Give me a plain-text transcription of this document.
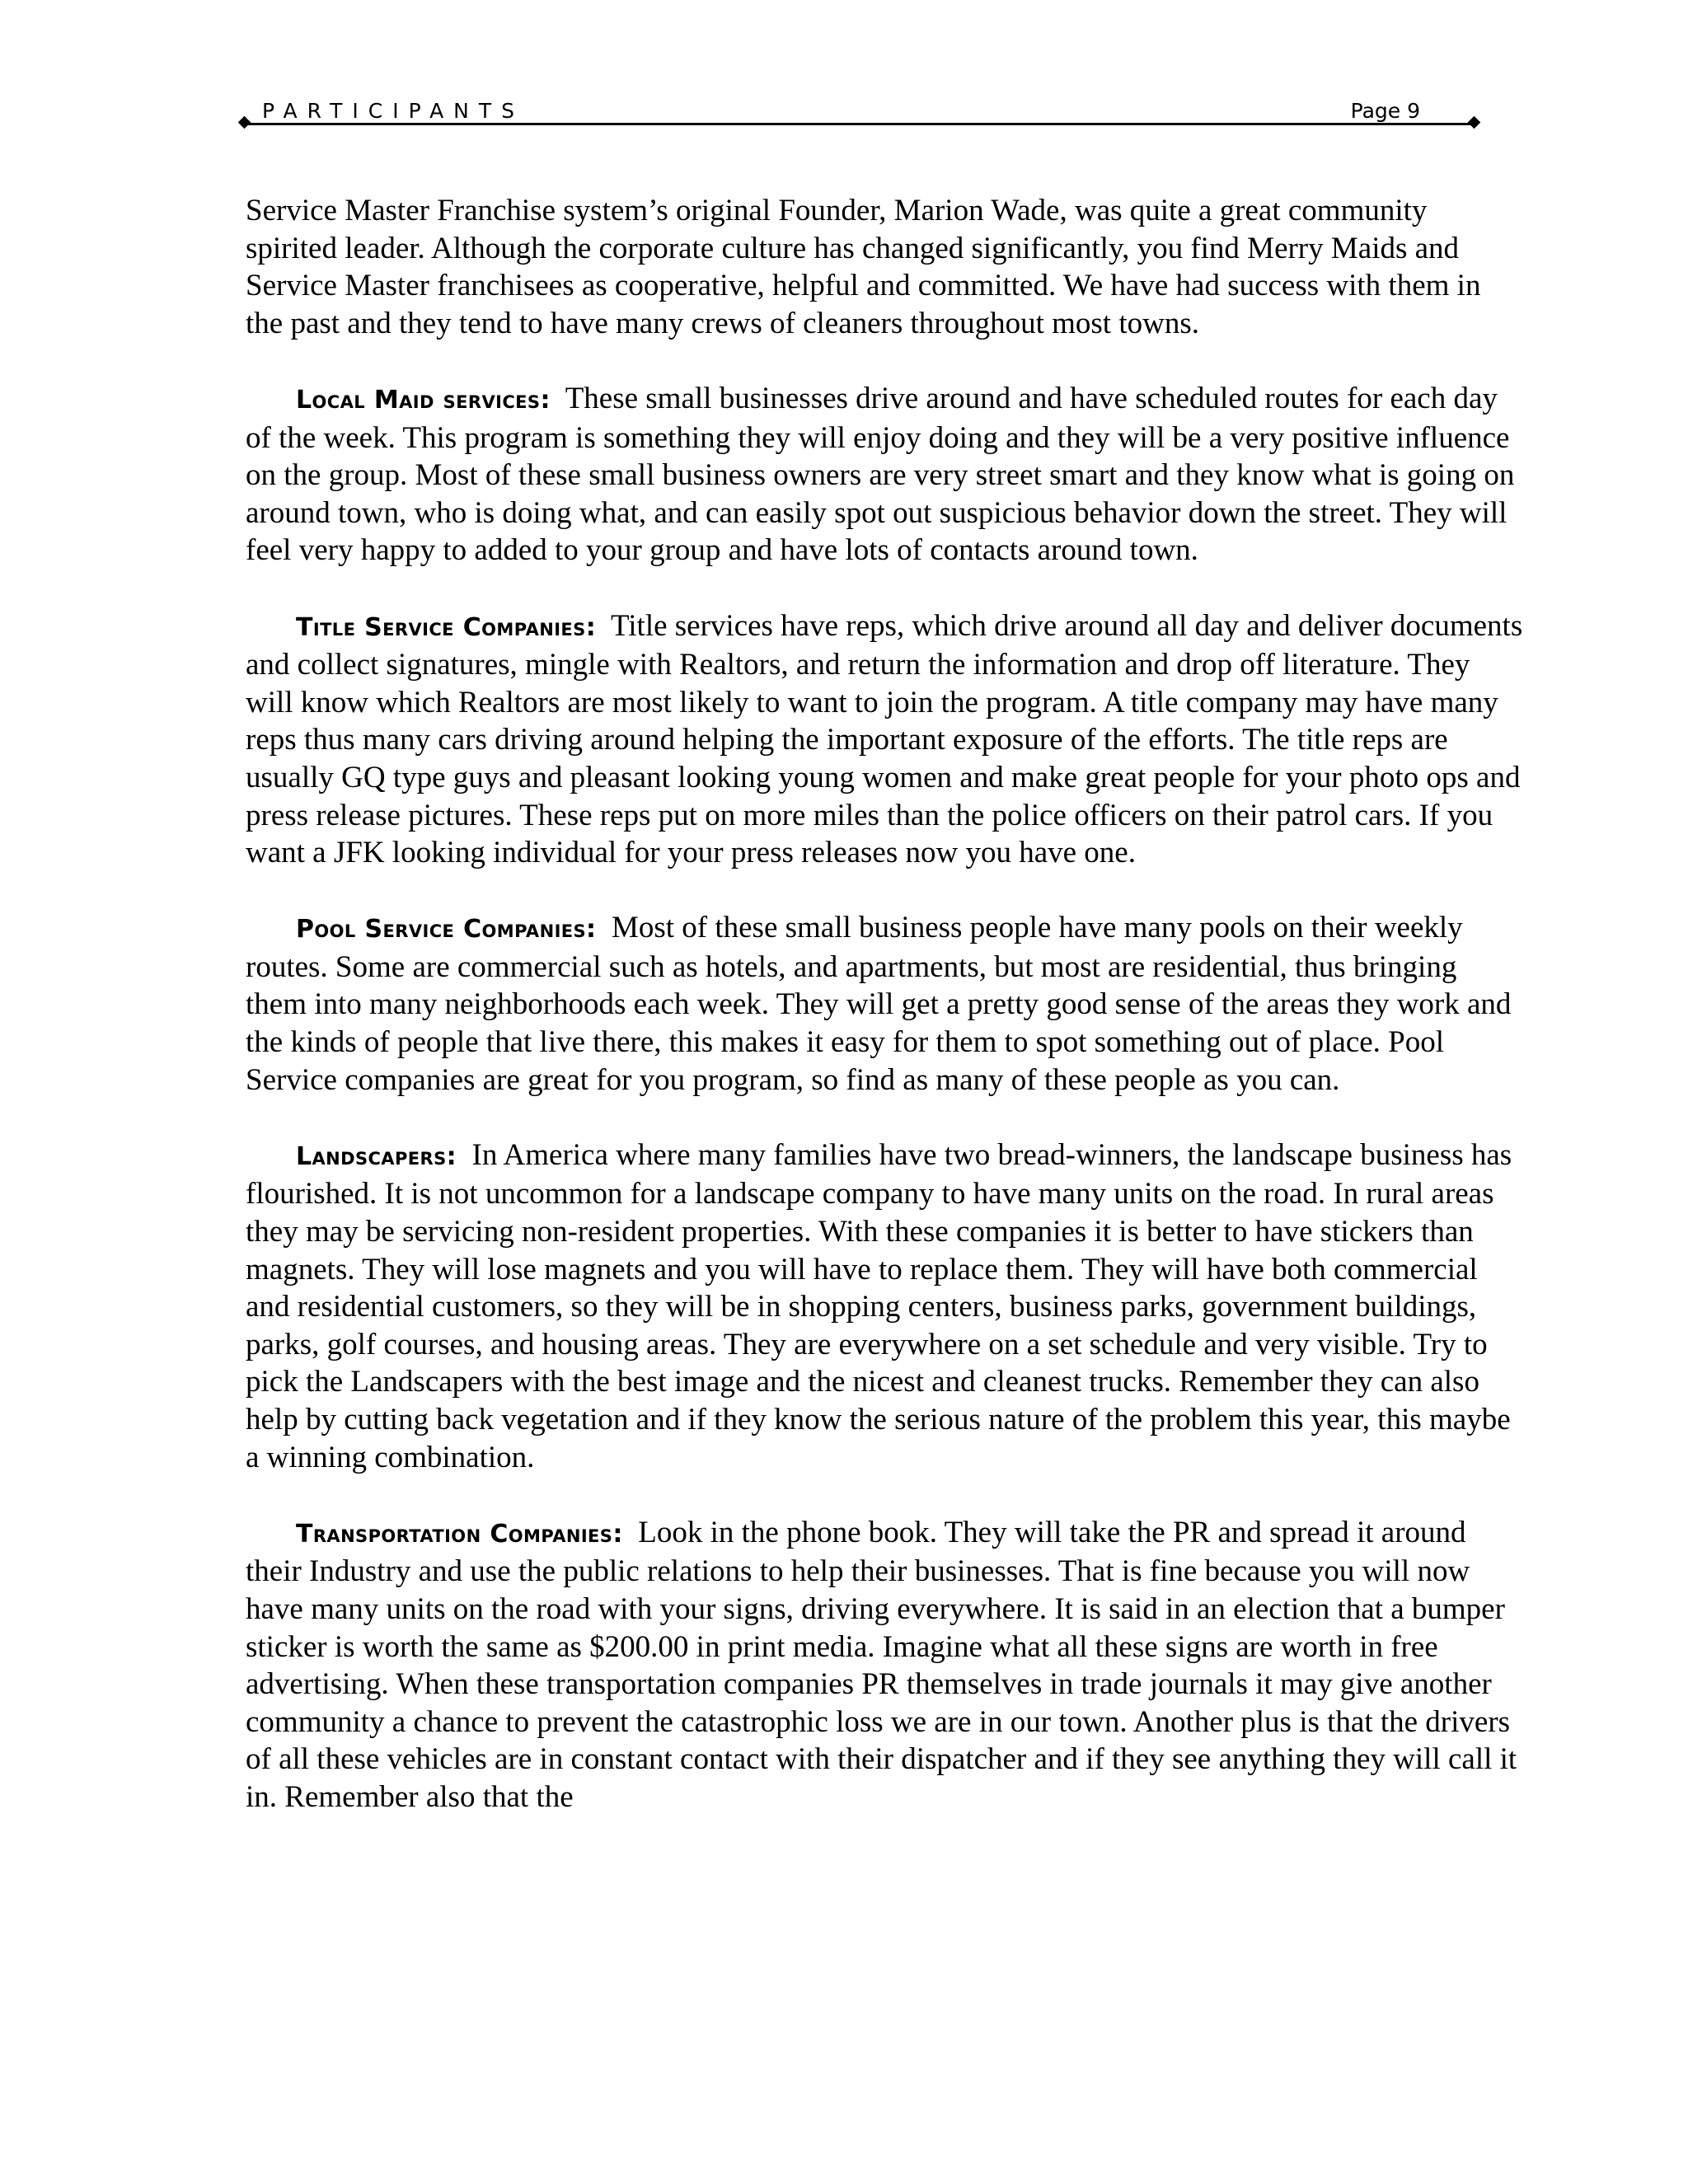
PARTICIPANTS	Page 9

Service Master Franchise system’s original Founder, Marion Wade, was quite a great community spirited leader. Although the corporate culture has changed significantly, you find Merry Maids and Service Master franchisees as cooperative, helpful and committed. We have had success with them in the past and they tend to have many crews of cleaners throughout most towns.

Local Maid services: These small businesses drive around and have scheduled routes for each day of the week. This program is something they will enjoy doing and they will be a very positive influence on the group. Most of these small business owners are very street smart and they know what is going on around town, who is doing what, and can easily spot out suspicious behavior down the street. They will feel very happy to added to your group and have lots of contacts around town.

Title Service Companies: Title services have reps, which drive around all day and deliver documents and collect signatures, mingle with Realtors, and return the information and drop off literature. They will know which Realtors are most likely to want to join the program. A title company may have many reps thus many cars driving around helping the important exposure of the efforts. The title reps are usually GQ type guys and pleasant looking young women and make great people for your photo ops and press release pictures. These reps put on more miles than the police officers on their patrol cars. If you want a JFK looking individual for your press releases now you have one.

Pool Service Companies: Most of these small business people have many pools on their weekly routes. Some are commercial such as hotels, and apartments, but most are residential, thus bringing them into many neighborhoods each week. They will get a pretty good sense of the areas they work and the kinds of people that live there, this makes it easy for them to spot something out of place. Pool Service companies are great for you program, so find as many of these people as you can.

Landscapers: In America where many families have two bread-winners, the landscape business has flourished. It is not uncommon for a landscape company to have many units on the road. In rural areas they may be servicing non-resident properties. With these companies it is better to have stickers than magnets. They will lose magnets and you will have to replace them. They will have both commercial and residential customers, so they will be in shopping centers, business parks, government buildings, parks, golf courses, and housing areas. They are everywhere on a set schedule and very visible. Try to pick the Landscapers with the best image and the nicest and cleanest trucks. Remember they can also help by cutting back vegetation and if they know the serious nature of the problem this year, this maybe a winning combination.

Transportation Companies: Look in the phone book. They will take the PR and spread it around their Industry and use the public relations to help their businesses. That is fine because you will now have many units on the road with your signs, driving everywhere. It is said in an election that a bumper sticker is worth the same as $200.00 in print media. Imagine what all these signs are worth in free advertising. When these transportation companies PR themselves in trade journals it may give another community a chance to prevent the catastrophic loss we are in our town. Another plus is that the drivers of all these vehicles are in constant contact with their dispatcher and if they see anything they will call it in. Remember also that the
